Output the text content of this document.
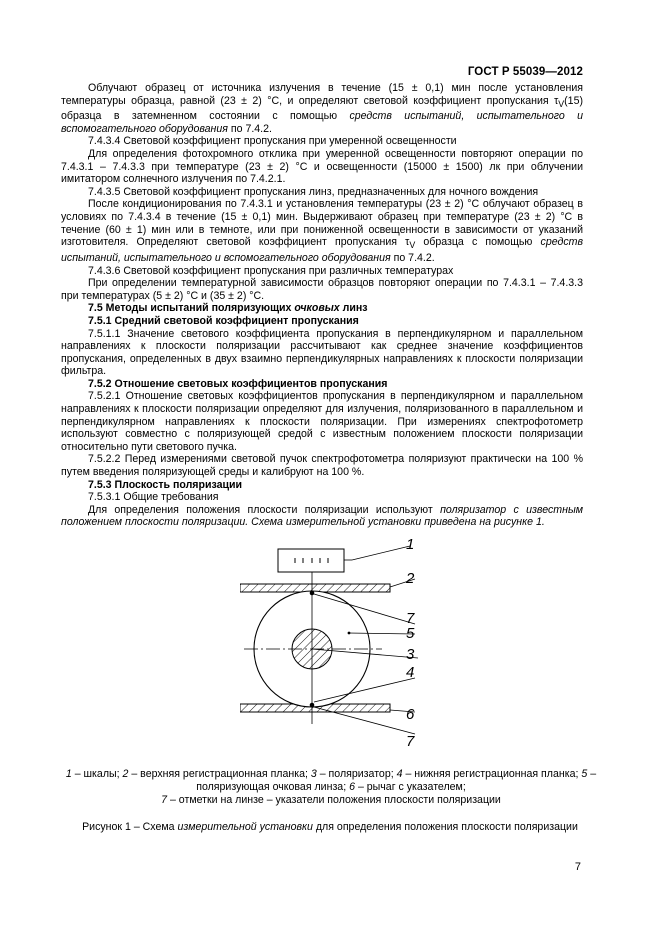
ГОСТ Р 55039—2012

Облучают образец от источника излучения в течение (15 ± 0,1) мин после установления температуры образца, равной (23 ± 2) °С, и определяют световой коэффициент пропускания $\tau_V(15)$ образца в затемненном состоянии с помощью средств испытаний, испытательного и вспомогательного оборудования по 7.4.2.

7.4.3.4 Световой коэффициент пропускания при умеренной освещенности

Для определения фотохромного отклика при умеренной освещенности повторяют операции по 7.4.3.1 – 7.4.3.3 при температуре (23 ± 2) °С и освещенности (15000 ± 1500) лк при облучении имитатором солнечного излучения по 7.4.2.1.

7.4.3.5 Световой коэффициент пропускания линз, предназначенных для ночного вождения

После кондиционирования по 7.4.3.1 и установления температуры (23 ± 2) °С облучают образец в условиях по 7.4.3.4 в течение (15 ± 0,1) мин. Выдерживают образец при температуре (23 ± 2) °С в течение (60 ± 1) мин или в темноте, или при пониженной освещенности в зависимости от указаний изготовителя. Определяют световой коэффициент пропускания $\tau_V$ образца с помощью средств испытаний, испытательного и вспомогательного оборудования по 7.4.2.

7.4.3.6 Световой коэффициент пропускания при различных температурах

При определении температурной зависимости образцов повторяют операции по 7.4.3.1 – 7.4.3.3 при температурах (5 ± 2) °С и (35 ± 2) °С.

7.5 Методы испытаний поляризующих очковых линз

7.5.1 Средний световой коэффициент пропускания

7.5.1.1 Значение светового коэффициента пропускания в перпендикулярном и параллельном направлениях к плоскости поляризации рассчитывают как среднее значение коэффициентов пропускания, определенных в двух взаимно перпендикулярных направлениях к плоскости поляризации фильтра.

7.5.2 Отношение световых коэффициентов пропускания

7.5.2.1 Отношение световых коэффициентов пропускания в перпендикулярном и параллельном направлениях к плоскости поляризации определяют для излучения, поляризованного в параллельном и перпендикулярном направлениях к плоскости поляризации. При измерениях спектрофотометр используют совместно с поляризующей средой с известным положением плоскости поляризации относительно пути светового пучка.

7.5.2.2 Перед измерениями световой пучок спектрофотометра поляризуют практически на 100 % путем введения поляризующей среды и калибруют на 100 %.

7.5.3 Плоскость поляризации

7.5.3.1 Общие требования

Для определения положения плоскости поляризации используют поляризатор с известным положением плоскости поляризации. Схема измерительной установки приведена на рисунке 1.

1
2
7
5
3
4
6
7
1 – шкалы; 2 – верхняя регистрационная планка; 3 – поляризатор; 4 – нижняя регистрационная планка; 5 – поляризующая очковая линза; 6 – рычаг с указателем;
7 – отметки на линзе – указатели положения плоскости поляризации
Рисунок 1 – Схема измерительной установки для определения положения плоскости поляризации
7
